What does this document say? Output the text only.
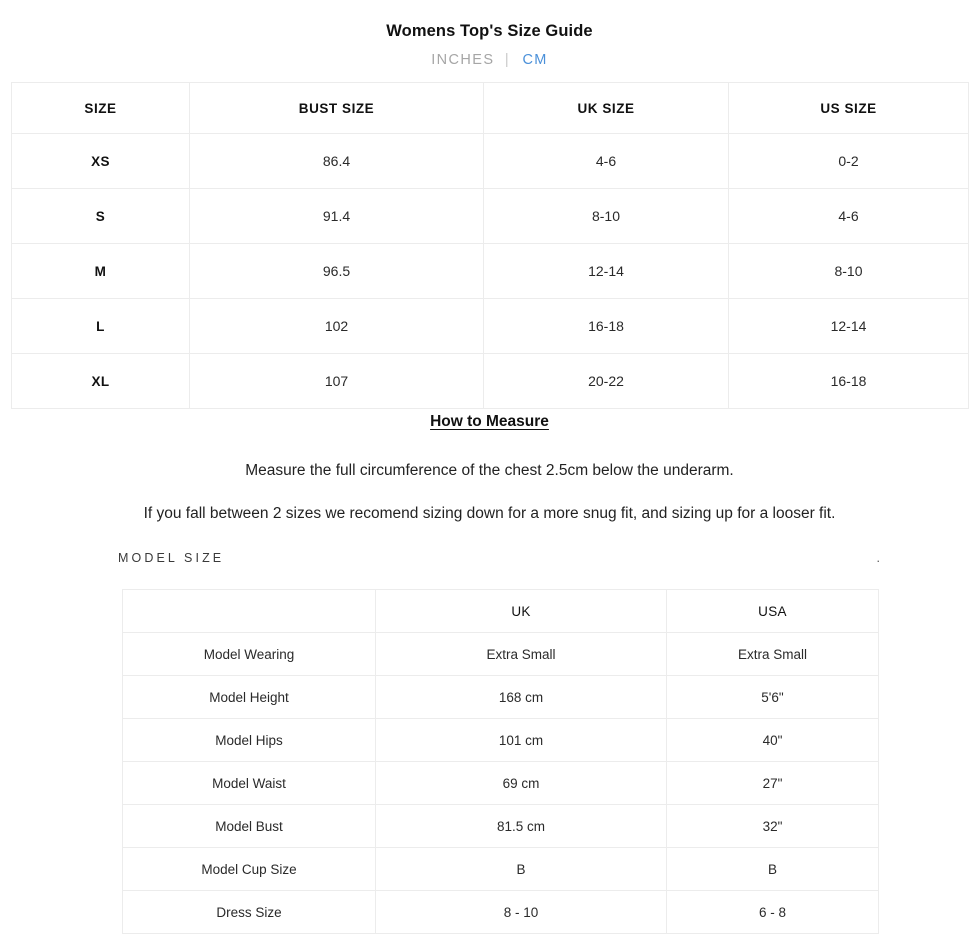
Womens Top's Size Guide
INCHES | CM
SIZE	BUST SIZE	UK SIZE	US SIZE
XS	86.4	4-6	0-2
S	91.4	8-10	4-6
M	96.5	12-14	8-10
L	102	16-18	12-14
XL	107	20-22	16-18
How to Measure
Measure the full circumference of the chest 2.5cm below the underarm.
If you fall between 2 sizes we recomend sizing down for a more snug fit, and sizing up for a looser fit.
MODEL SIZE	.
	UK	USA
Model Wearing	Extra Small	Extra Small
Model Height	168 cm	5'6"
Model Hips	101 cm	40"
Model Waist	69 cm	27"
Model Bust	81.5 cm	32"
Model Cup Size	B	B
Dress Size	8 - 10	6 - 8
